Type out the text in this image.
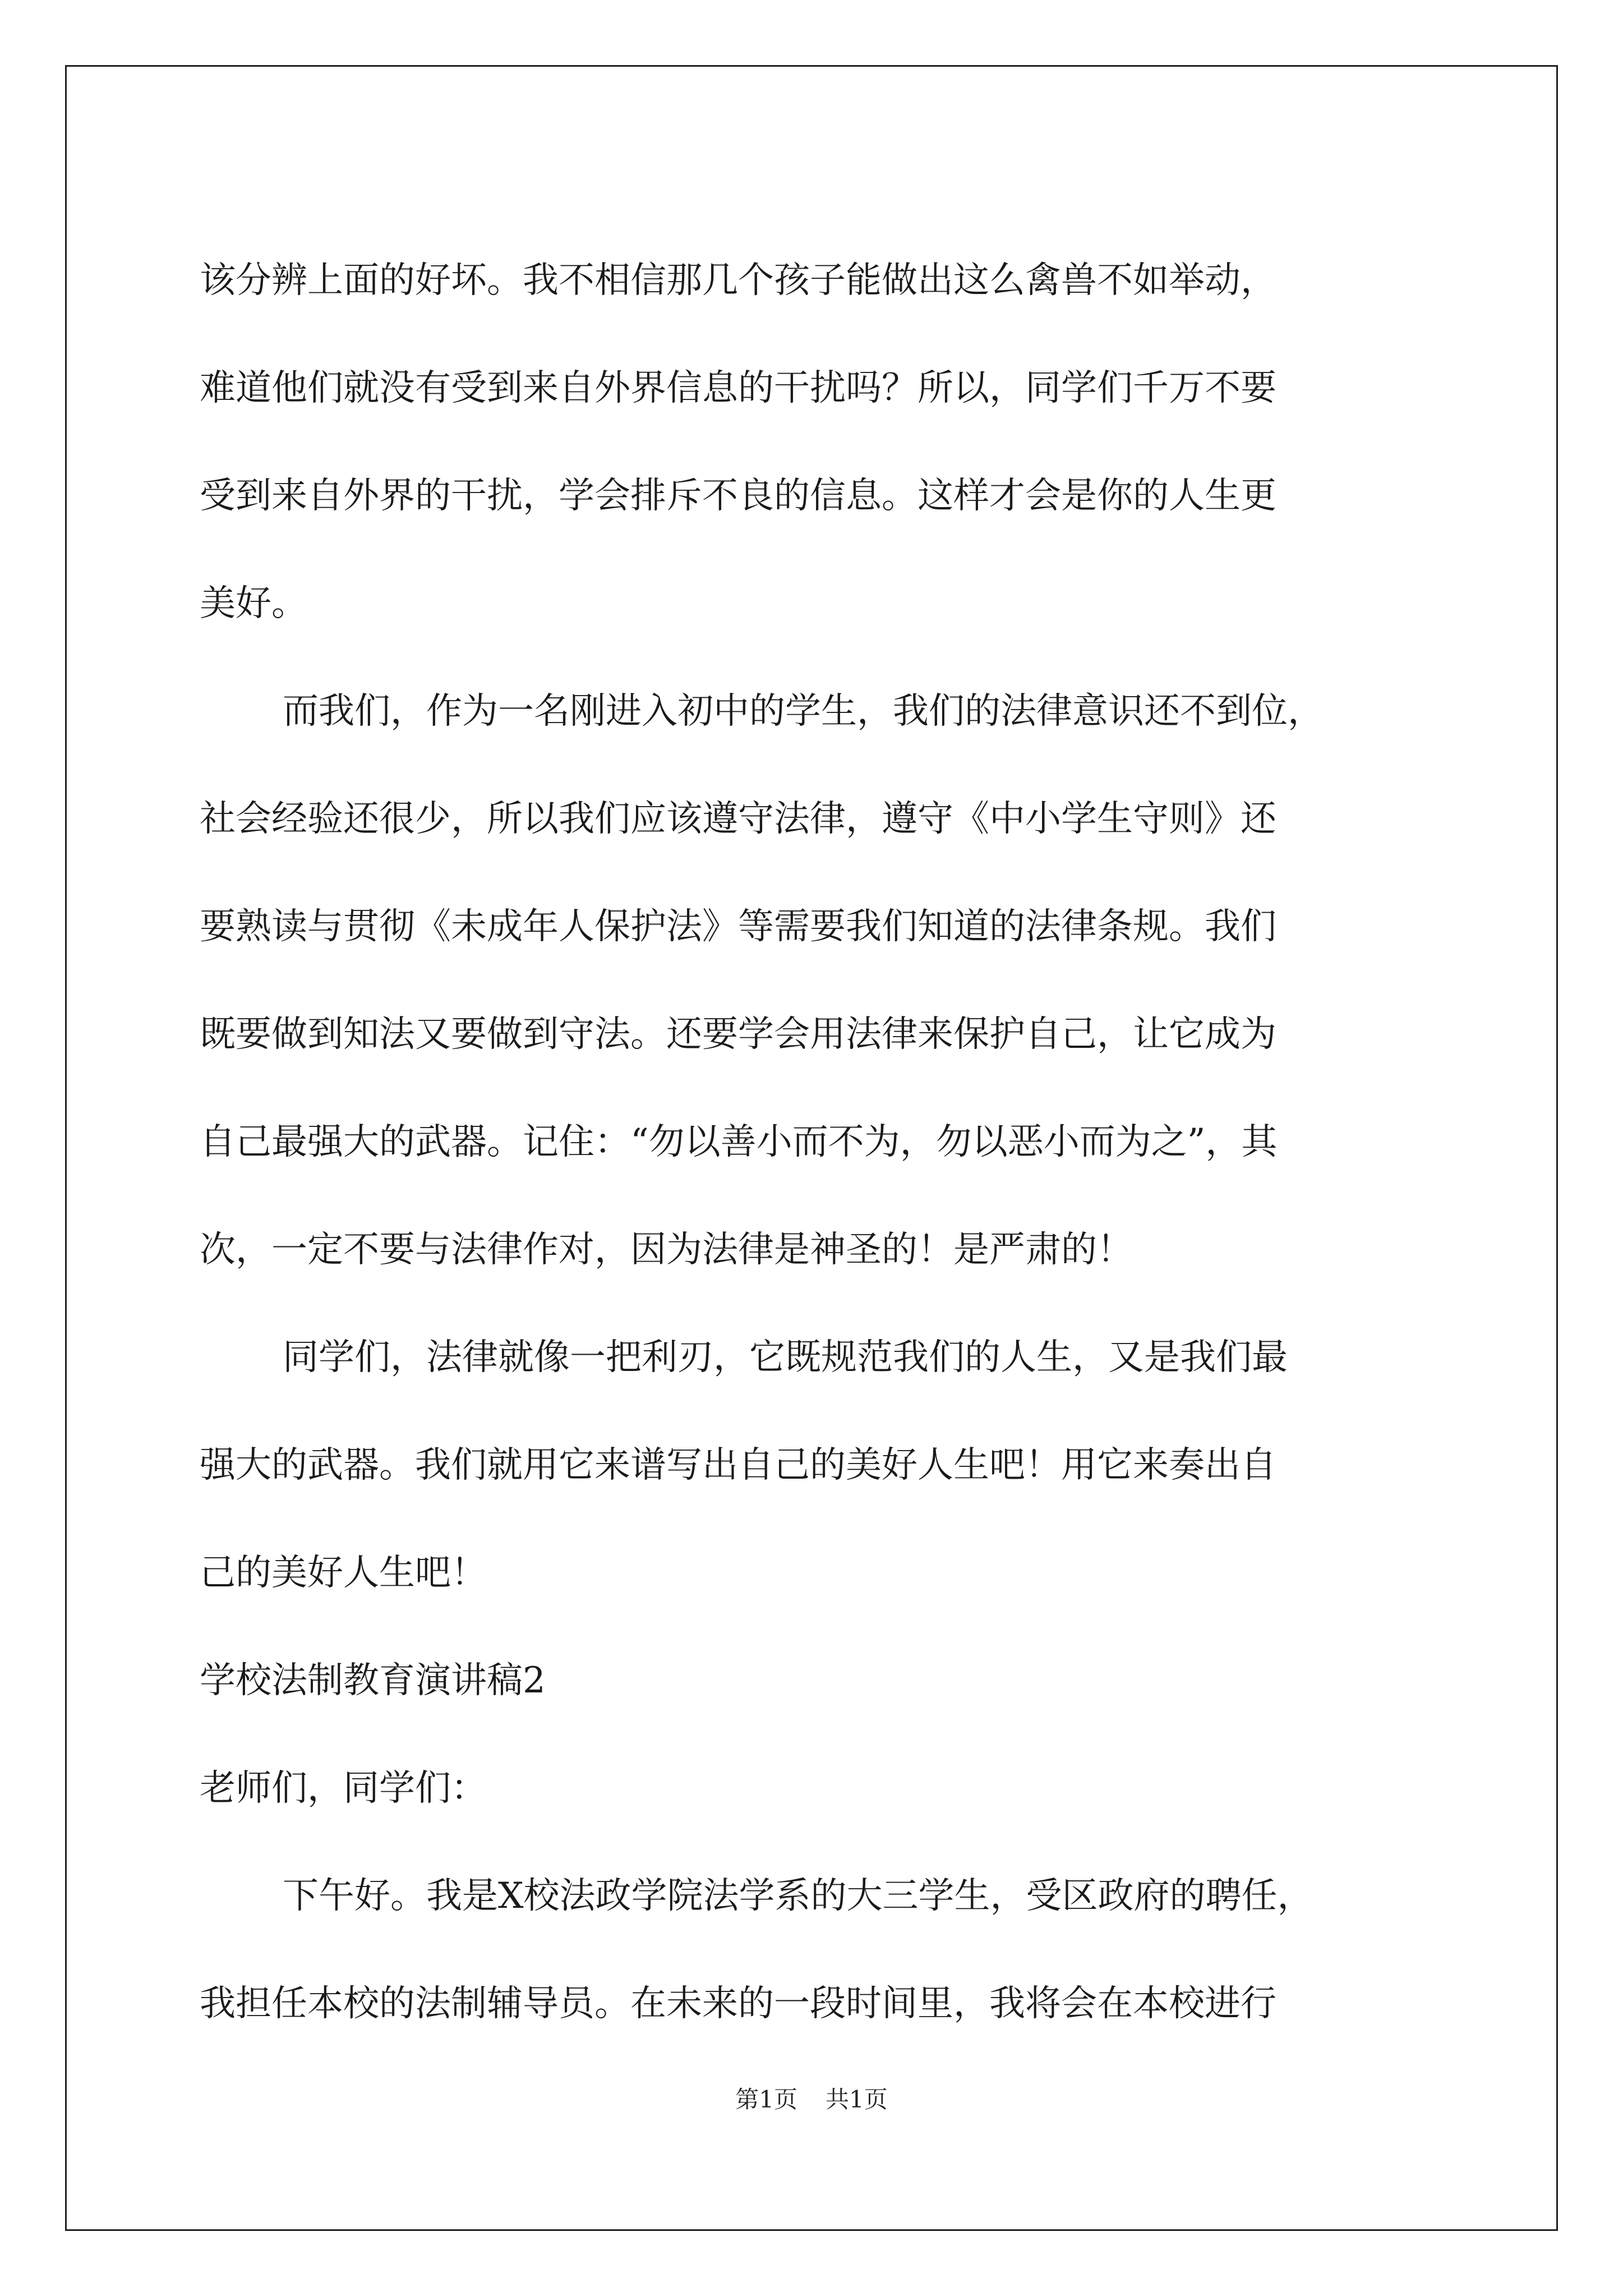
该分辨上面的好坏。我不相信那几个孩子能做出这么禽兽不如举动，

难道他们就没有受到来自外界信息的干扰吗？所以，同学们千万不要

受到来自外界的干扰，学会排斥不良的信息。这样才会是你的人生更

美好。

而我们，作为一名刚进入初中的学生，我们的法律意识还不到位，

社会经验还很少，所以我们应该遵守法律，遵守《中小学生守则》还

要熟读与贯彻《未成年人保护法》等需要我们知道的法律条规。我们

既要做到知法又要做到守法。还要学会用法律来保护自己，让它成为

自己最强大的武器。记住：“勿以善小而不为，勿以恶小而为之”，其

次，一定不要与法律作对，因为法律是神圣的！是严肃的！

同学们，法律就像一把利刃，它既规范我们的人生，又是我们最

强大的武器。我们就用它来谱写出自己的美好人生吧！用它来奏出自

己的美好人生吧！

学校法制教育演讲稿2

老师们，同学们：

下午好。我是X校法政学院法学系的大三学生，受区政府的聘任，

我担任本校的法制辅导员。在未来的一段时间里，我将会在本校进行

第1页 共1页
